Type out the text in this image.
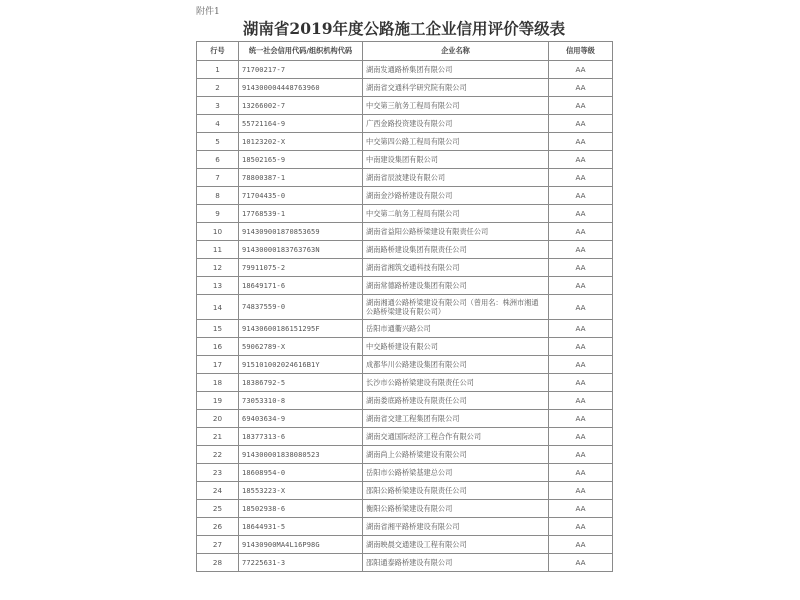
附件1
湖南省2019年度公路施工企业信用评价等级表
行号	统一社会信用代码/组织机构代码	企业名称	信用等级
1	71700217-7	湖南发通路桥集团有限公司	AA
2	914300004448763960	湖南省交通科学研究院有限公司	AA
3	13266002-7	中交第三航务工程局有限公司	AA
4	55721164-9	广西金路投资建设有限公司	AA
5	10123202-X	中交第四公路工程局有限公司	AA
6	18502165-9	中南建设集团有限公司	AA
7	78800387-1	湖南省辰波建设有限公司	AA
8	71704435-0	湖南金沙路桥建设有限公司	AA
9	17768539-1	中交第二航务工程局有限公司	AA
10	914309001870853659	湖南省益阳公路桥梁建设有限责任公司	AA
11	91430000183763763N	湖南路桥建设集团有限责任公司	AA
12	79911075-2	湖南省湘筑交通科技有限公司	AA
13	18649171-6	湖南常德路桥建设集团有限公司	AA
14	74837559-0	湖南湘通公路桥梁建设有限公司（曾用名：株洲市湘通公路桥梁建设有限公司）	AA
15	91430600186151295F	岳阳市通衢兴路公司	AA
16	59062789-X	中交路桥建设有限公司	AA
17	915101002024616B1Y	成都华川公路建设集团有限公司	AA
18	18386792-5	长沙市公路桥梁建设有限责任公司	AA
19	73053310-8	湖南娄底路桥建设有限责任公司	AA
20	69403634-9	湖南省交建工程集团有限公司	AA
21	18377313-6	湖南交通国际经济工程合作有限公司	AA
22	914300001838080523	湖南尚上公路桥梁建设有限公司	AA
23	18608954-0	岳阳市公路桥梁基建总公司	AA
24	18553223-X	邵阳公路桥梁建设有限责任公司	AA
25	18502938-6	衡阳公路桥梁建设有限公司	AA
26	18644931-5	湖南省湘平路桥建设有限公司	AA
27	91430900MA4L16P98G	湖南映晨交通建设工程有限公司	AA
28	77225631-3	邵阳通泰路桥建设有限公司	AA
